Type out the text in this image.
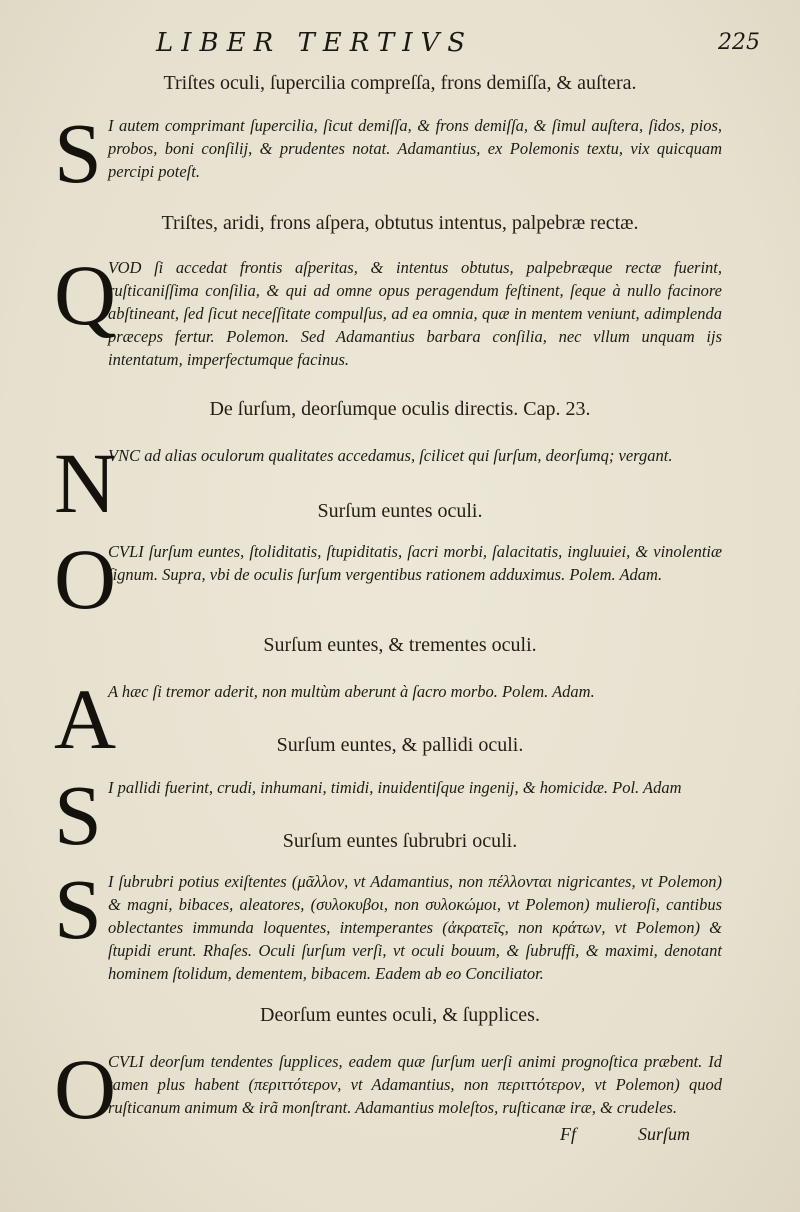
LIBER TERTIVS	225
Triſtes oculi, ſupercilia compreſſa, frons demiſſa, & auſtera.
S I autem comprimant ſupercilia, ſicut demiſſa, & frons demiſſa, & ſimul auſtera, ſidos, pios, probos, boni conſilij, & prudentes notat. Adamantius, ex Polemonis textu, vix quicquam percipi poteſt.

Triſtes, aridi, frons aſpera, obtutus intentus, palpebræ rectæ.
Q

VOD ſi accedat frontis aſperitas, & intentus obtutus, palpebræque rectæ fuerint, ruſticaniſſima conſilia, & qui ad omne opus peragendum feſtinent, ſeque à nullo facinore abſtineant, ſed ſicut neceſſitate compulſus, ad ea omnia, quæ in mentem veniunt, adimplenda præceps fertur. Polemon. Sed Adamantius barbara conſilia, nec vllum unquam ijs intentatum, imperfectumque facinus.

De ſurſum, deorſumque oculis directis. Cap. 23.
N

VNC ad alias oculorum qualitates accedamus, ſcilicet qui ſurſum, deorſumq; vergant.

Surſum euntes oculi.
O

CVLI ſurſum euntes, ſtoliditatis, ſtupiditatis, ſacri morbi, ſalacitatis, ingluuiei, & vinolentiæ ſignum. Supra, vbi de oculis ſurſum vergentibus rationem adduximus. Polem. Adam.

Surſum euntes, & trementes oculi.
A

A hæc ſi tremor aderit, non multùm aberunt à ſacro morbo. Polem. Adam.

Surſum euntes, & pallidi oculi.
S I pallidi fuerint, crudi, inhumani, timidi, inuidentiſque ingenij, & homicidæ. Pol. Adam

Surſum euntes ſubrubri oculi.
S I ſubrubri potius exiſtentes (μᾶλλον, vt Adamantius, non πέλλονται nigricantes, vt Polemon) & magni, bibaces, aleatores, (συλοκυβοι, non συλοκώμοι, vt Polemon) mulieroſi, cantibus oblectantes immunda loquentes, intemperantes (ἀκρατεῖς, non κράτων, vt Polemon) & ſtupidi erunt. Rhaſes. Oculi ſurſum verſi, vt oculi bouum, & ſubruffi, & maximi, denotant hominem ſtolidum, dementem, bibacem. Eadem ab eo Conciliator.

Deorſum euntes oculi, & ſupplices.
O

CVLI deorſum tendentes ſupplices, eadem quæ ſurſum uerſi animi prognoſtica præbent. Id tamen plus habent (περιττότερον, vt Adamantius, non περιττότερον, vt Polemon) quod ruſticanum animum & irã monſtrant. Adamantius moleſtos, ruſticanæ iræ, & crudeles.

Ff	Surſum
